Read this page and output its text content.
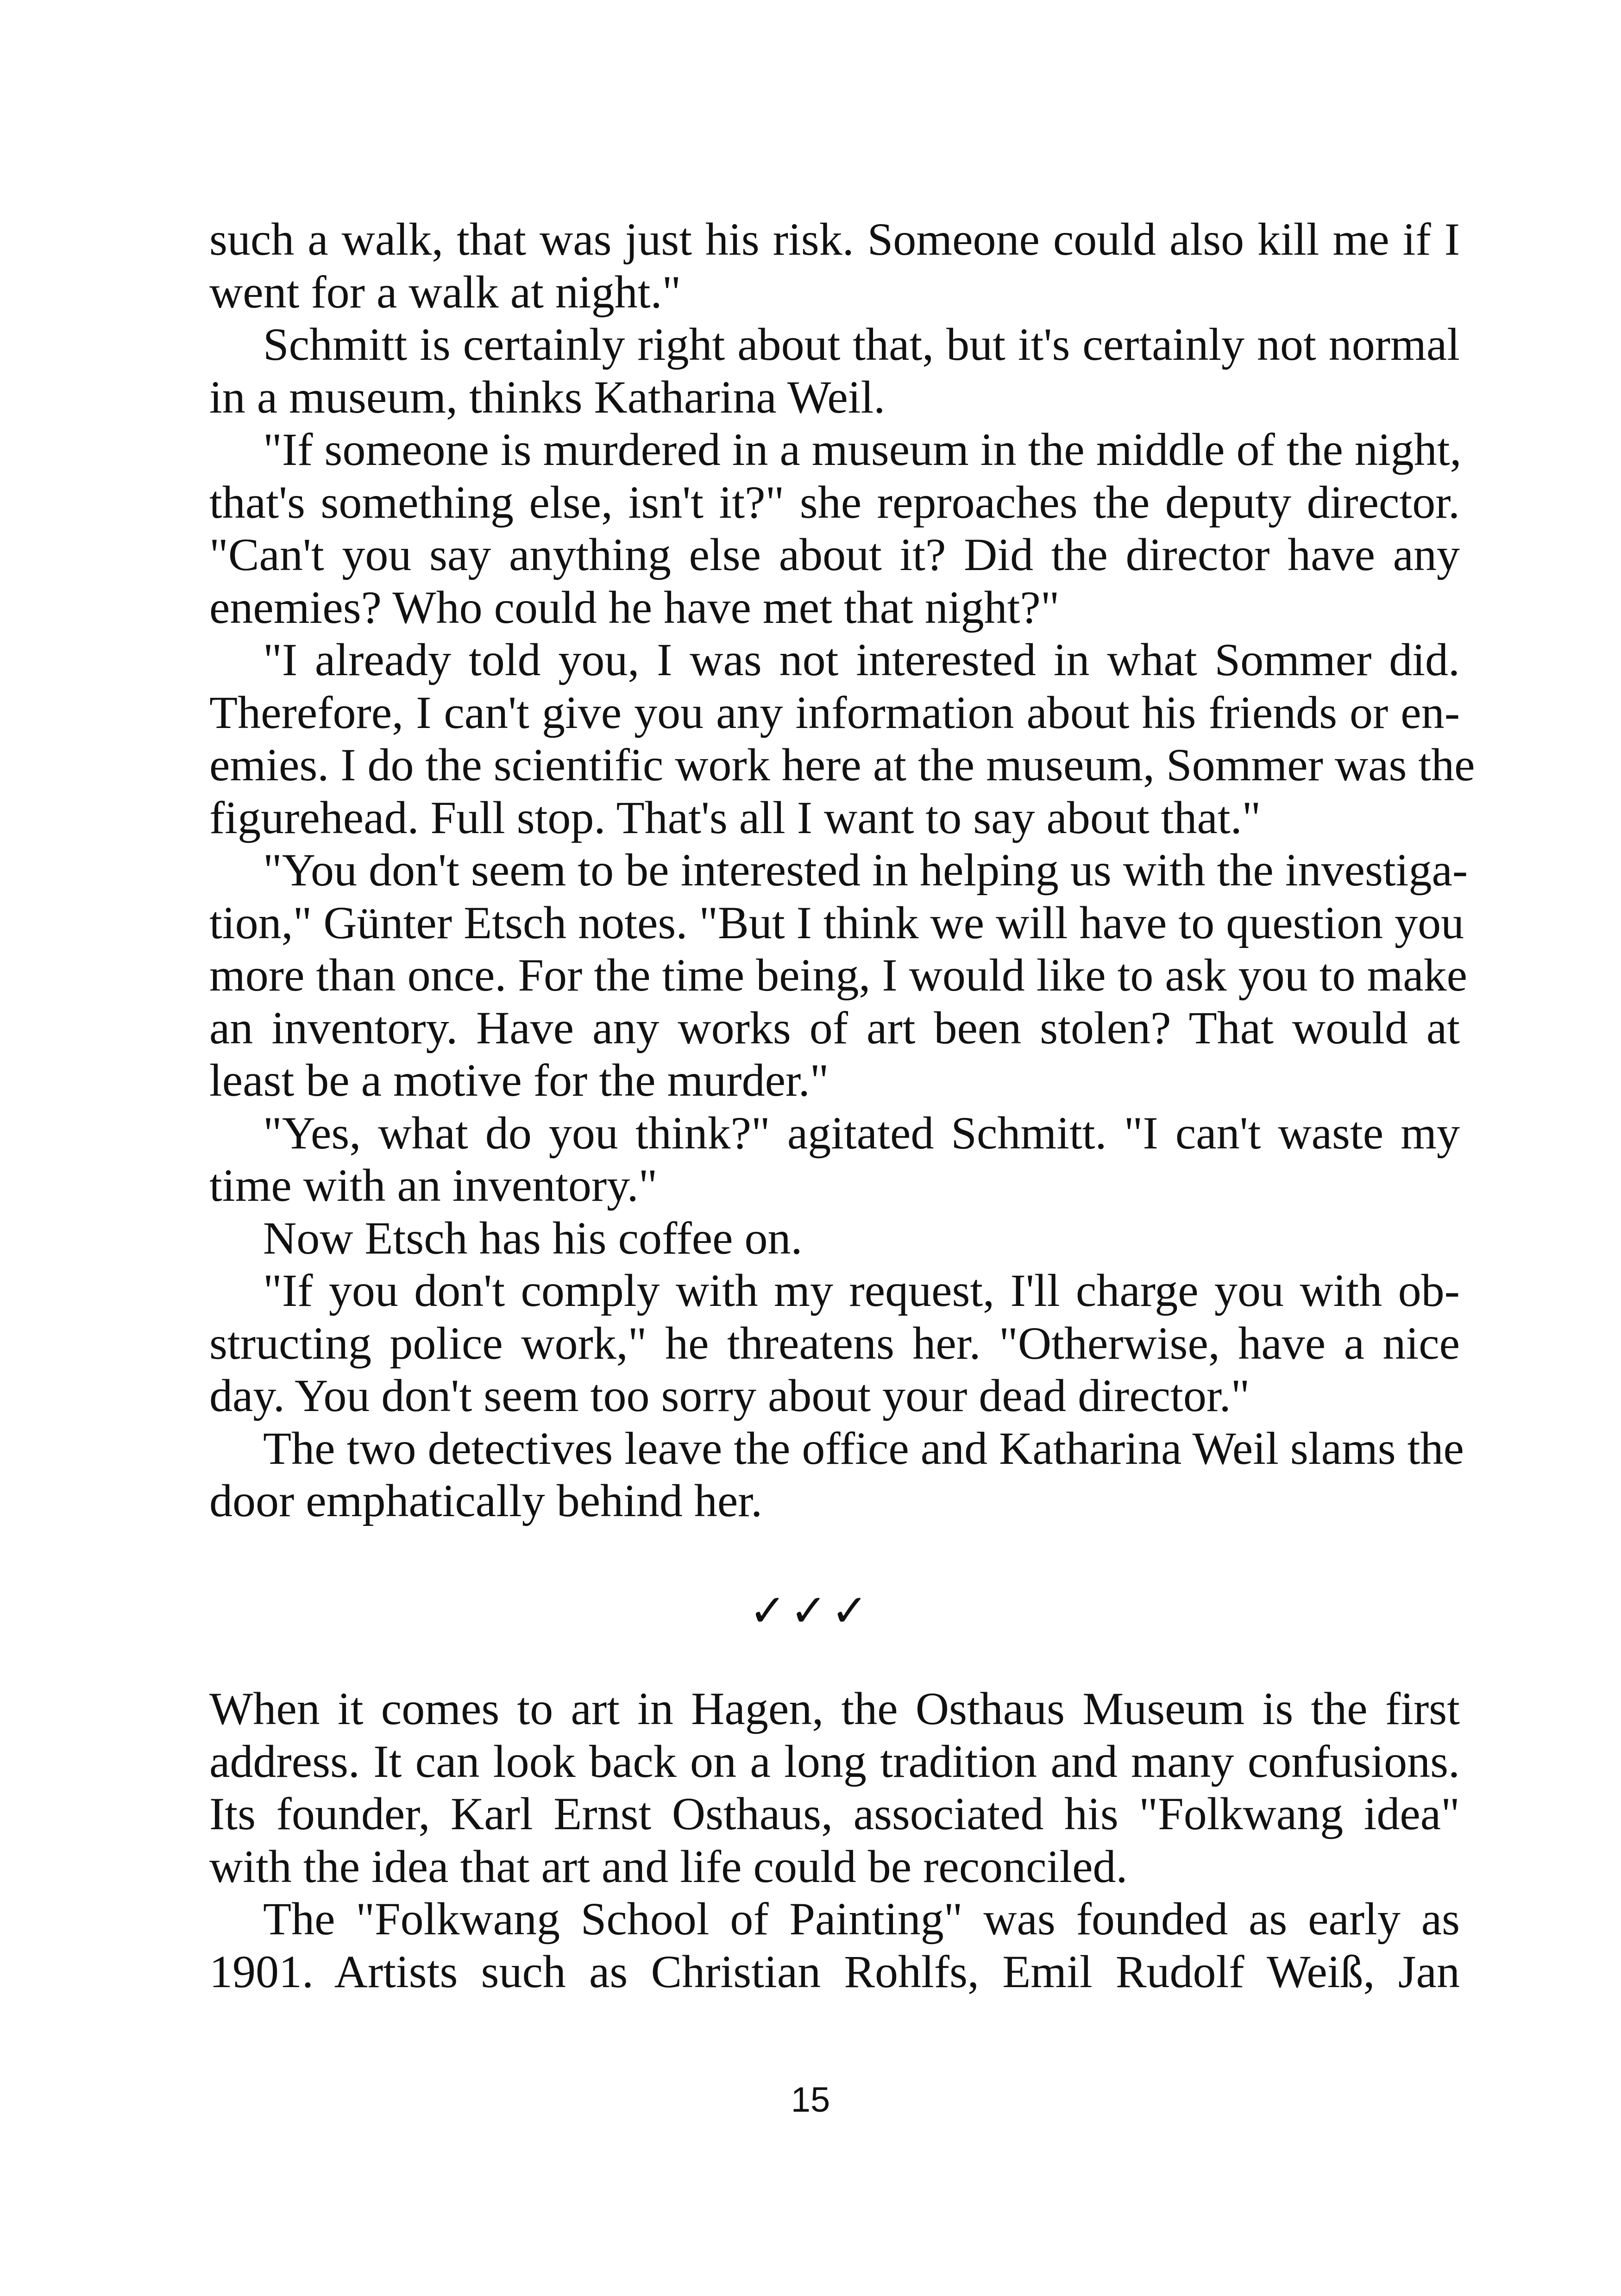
such a walk, that was just his risk. Someone could also kill me if I
went for a walk at night."
Schmitt is certainly right about that, but it's certainly not normal
in a museum, thinks Katharina Weil.
"If someone is murdered in a museum in the middle of the night,
that's something else, isn't it?" she reproaches the deputy director.
"Can't you say anything else about it? Did the director have any
enemies? Who could he have met that night?"
"I already told you, I was not interested in what Sommer did.
Therefore, I can't give you any information about his friends or en-
emies. I do the scientific work here at the museum, Sommer was the
figurehead. Full stop. That's all I want to say about that."
"You don't seem to be interested in helping us with the investiga-
tion," Günter Etsch notes. "But I think we will have to question you
more than once. For the time being, I would like to ask you to make
an inventory. Have any works of art been stolen? That would at
least be a motive for the murder."
"Yes, what do you think?" agitated Schmitt. "I can't waste my
time with an inventory."
Now Etsch has his coffee on.
"If you don't comply with my request, I'll charge you with ob-
structing police work," he threatens her. "Otherwise, have a nice
day. You don't seem too sorry about your dead director."
The two detectives leave the office and Katharina Weil slams the
door emphatically behind her.
✓✓✓
When it comes to art in Hagen, the Osthaus Museum is the first
address. It can look back on a long tradition and many confusions.
Its founder, Karl Ernst Osthaus, associated his "Folkwang idea"
with the idea that art and life could be reconciled.
The "Folkwang School of Painting" was founded as early as
1901. Artists such as Christian Rohlfs, Emil Rudolf Weiß, Jan
15
